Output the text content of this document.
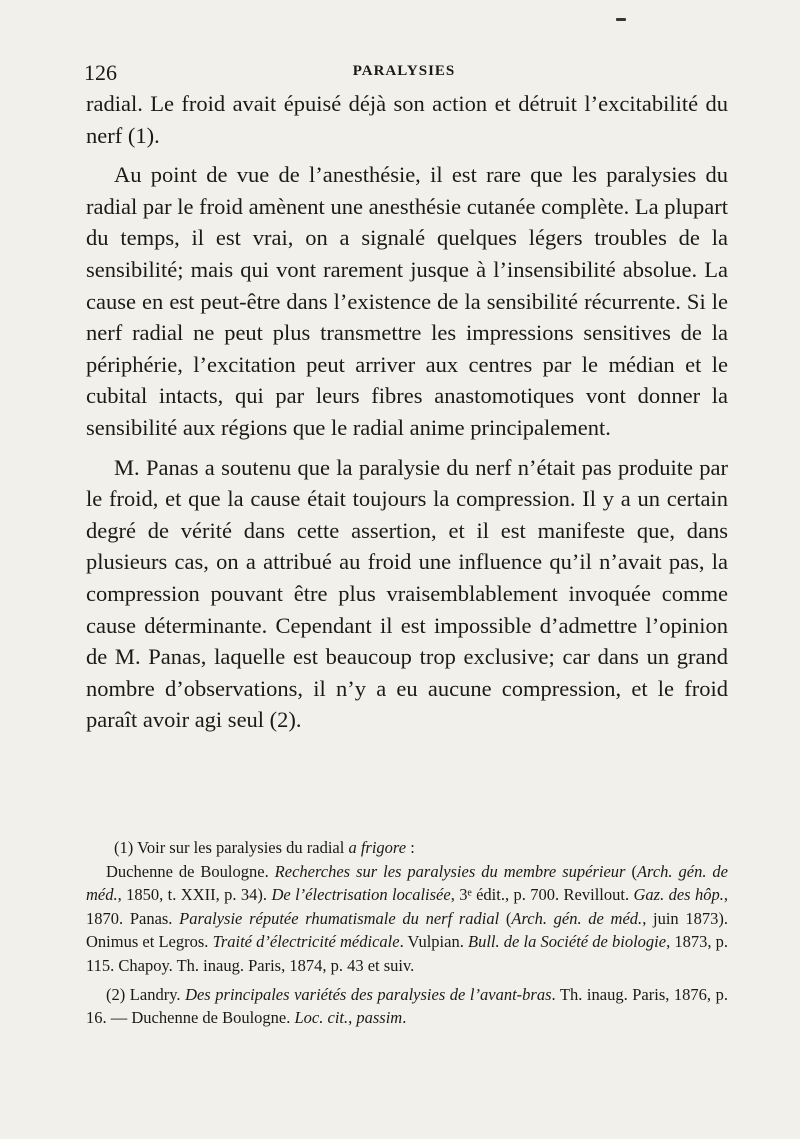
126	PARALYSIES

radial. Le froid avait épuisé déjà son action et détruit l’excitabilité du nerf (1).

Au point de vue de l’anesthésie, il est rare que les paralysies du radial par le froid amènent une anesthésie cutanée complète. La plupart du temps, il est vrai, on a signalé quelques légers troubles de la sensibilité; mais qui vont rarement jusque à l’insensibilité absolue. La cause en est peut-être dans l’existence de la sensibilité récurrente. Si le nerf radial ne peut plus transmettre les impressions sensitives de la périphérie, l’excitation peut arriver aux centres par le médian et le cubital intacts, qui par leurs fibres anastomotiques vont donner la sensibilité aux régions que le radial anime principalement.

M. Panas a soutenu que la paralysie du nerf n’était pas produite par le froid, et que la cause était toujours la compression. Il y a un certain degré de vérité dans cette assertion, et il est manifeste que, dans plusieurs cas, on a attribué au froid une influence qu’il n’avait pas, la compression pouvant être plus vraisemblablement invoquée comme cause déterminante. Cependant il est impossible d’admettre l’opinion de M. Panas, laquelle est beaucoup trop exclusive; car dans un grand nombre d’observations, il n’y a eu aucune compression, et le froid paraît avoir agi seul (2).

(1) Voir sur les paralysies du radial a frigore :

Duchenne de Boulogne. Recherches sur les paralysies du membre supérieur (Arch. gén. de méd., 1850, t. XXII, p. 34). De l’électrisation localisée, 3ᵉ édit., p. 700. Revillout. Gaz. des hôp., 1870. Panas. Paralysie réputée rhumatismale du nerf radial (Arch. gén. de méd., juin 1873). Onimus et Legros. Traité d’électricité médicale. Vulpian. Bull. de la Société de biologie, 1873, p. 115. Chapoy. Th. inaug. Paris, 1874, p. 43 et suiv.

(2) Landry. Des principales variétés des paralysies de l’avant-bras. Th. inaug. Paris, 1876, p. 16. — Duchenne de Boulogne. Loc. cit., passim.
